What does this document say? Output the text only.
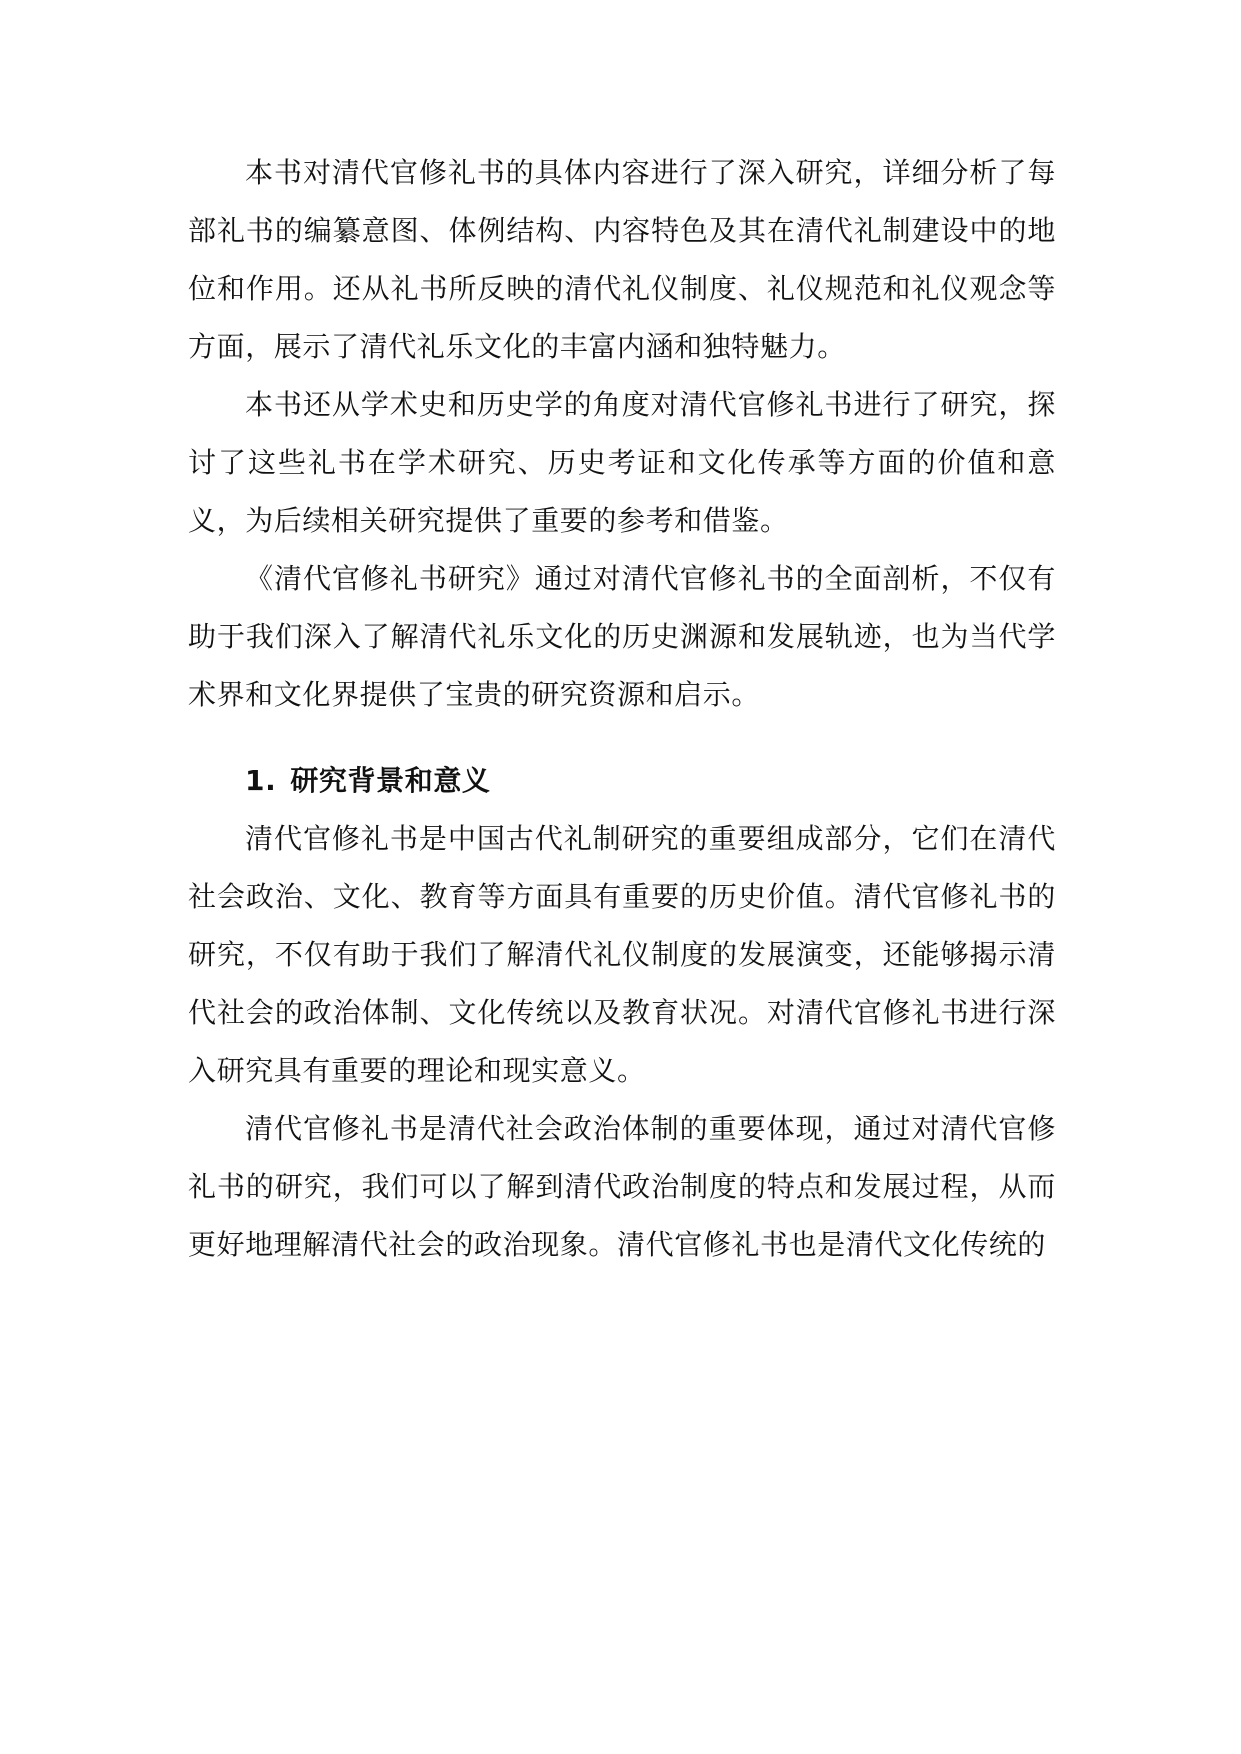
本书对清代官修礼书的具体内容进行了深入研究，详细分析了每部礼书的编纂意图、体例结构、内容特色及其在清代礼制建设中的地位和作用。还从礼书所反映的清代礼仪制度、礼仪规范和礼仪观念等方面，展示了清代礼乐文化的丰富内涵和独特魅力。

本书还从学术史和历史学的角度对清代官修礼书进行了研究，探讨了这些礼书在学术研究、历史考证和文化传承等方面的价值和意义，为后续相关研究提供了重要的参考和借鉴。

《清代官修礼书研究》通过对清代官修礼书的全面剖析，不仅有助于我们深入了解清代礼乐文化的历史渊源和发展轨迹，也为当代学术界和文化界提供了宝贵的研究资源和启示。

1. 研究背景和意义

清代官修礼书是中国古代礼制研究的重要组成部分，它们在清代社会政治、文化、教育等方面具有重要的历史价值。清代官修礼书的研究，不仅有助于我们了解清代礼仪制度的发展演变，还能够揭示清代社会的政治体制、文化传统以及教育状况。对清代官修礼书进行深入研究具有重要的理论和现实意义。

清代官修礼书是清代社会政治体制的重要体现，通过对清代官修礼书的研究，我们可以了解到清代政治制度的特点和发展过程，从而更好地理解清代社会的政治现象。清代官修礼书也是清代文化传统的
